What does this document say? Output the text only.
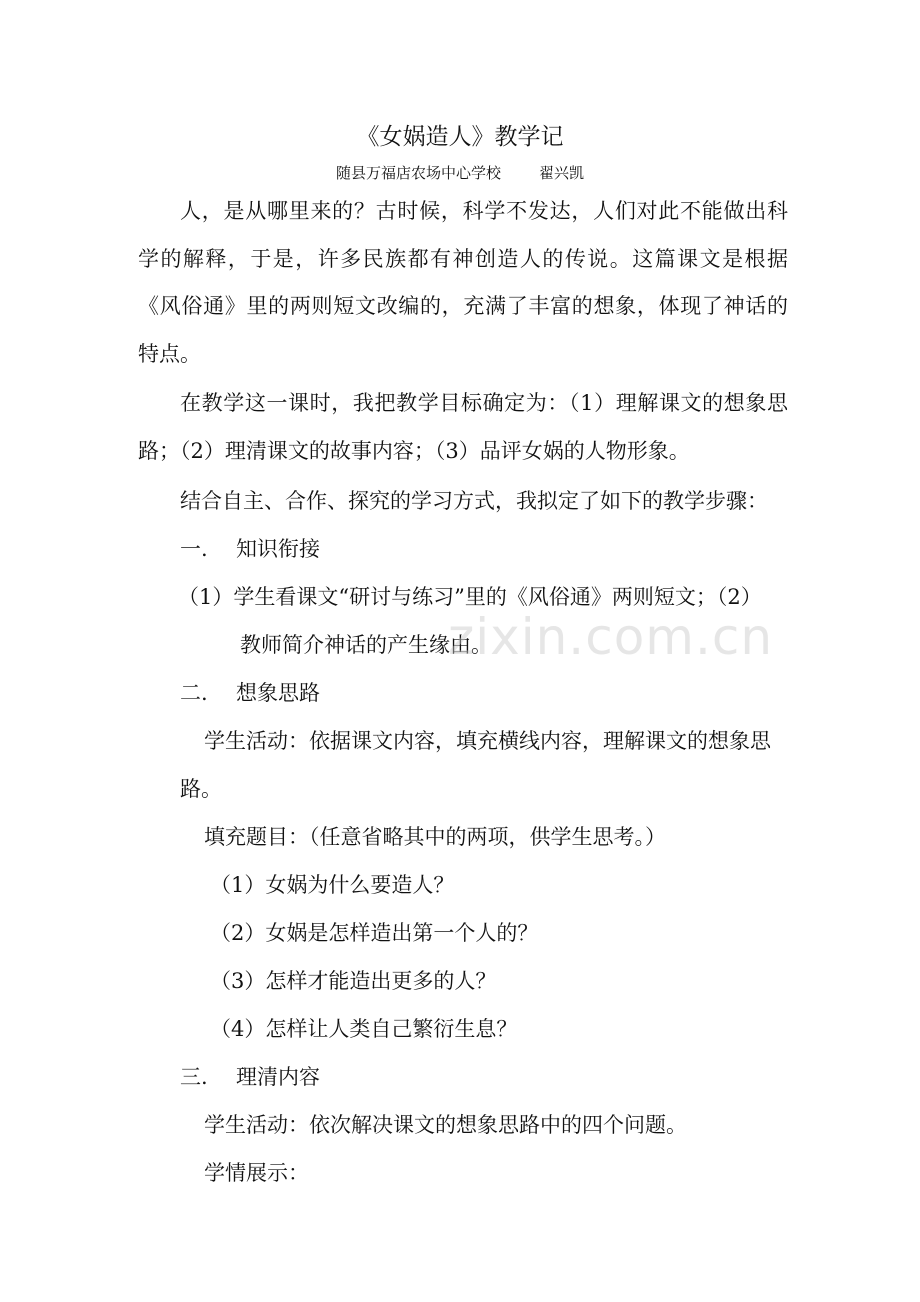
《女娲造人》教学记
随县万福店农场中心学校	翟兴凯

人，是从哪里来的？古时候，科学不发达，人们对此不能做出科学的解释，于是，许多民族都有神创造人的传说。这篇课文是根据《风俗通》里的两则短文改编的，充满了丰富的想象，体现了神话的特点。

在教学这一课时，我把教学目标确定为：（1）理解课文的想象思路；（2）理清课文的故事内容；（3）品评女娲的人物形象。

结合自主、合作、探究的学习方式，我拟定了如下的教学步骤：

一. 知识衔接

（1）学生看课文“研讨与练习”里的《风俗通》两则短文；（2）

教师简介神话的产生缘由。

二. 想象思路

学生活动：依据课文内容，填充横线内容，理解课文的想象思

路。

填充题目：（任意省略其中的两项，供学生思考。）

（1）女娲为什么要造人？

（2）女娲是怎样造出第一个人的？

（3）怎样才能造出更多的人？

（4）怎样让人类自己繁衍生息？

三. 理清内容

学生活动：依次解决课文的想象思路中的四个问题。

学情展示：

zixin.com.cn
